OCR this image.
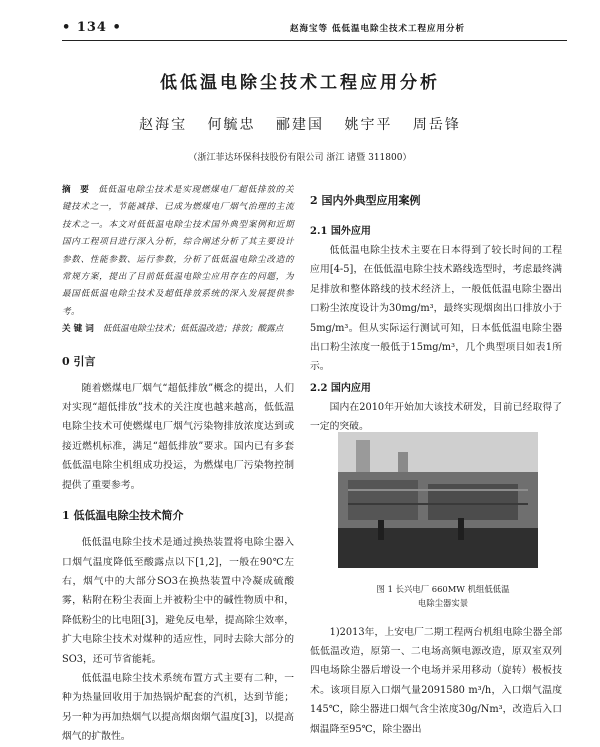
• 134 •	赵海宝等 低低温电除尘技术工程应用分析
低低温电除尘技术工程应用分析
赵海宝 何毓忠 郦建国 姚宇平 周岳锋
（浙江菲达环保科技股份有限公司 浙江 诸暨 311800）

摘 要 低低温电除尘技术是实现燃煤电厂超低排放的关键技术之一，节能减排、已成为燃煤电厂烟气治理的主流技术之一。本文对低低温电除尘技术国外典型案例和近期国内工程项目进行深入分析，综合阐述分析了其主要设计参数、性能参数、运行参数，分析了低低温电除尘改造的常规方案，提出了目前低低温电除尘应用存在的问题，为最国低低温电除尘技术及超低排放系统的深入发展提供参考。

关键词 低低温电除尘技术；低低温改造；排放；酸露点

0 引言

随着燃煤电厂烟气“超低排放”概念的提出，人们对实现“超低排放”技术的关注度也越来越高，低低温电除尘技术可使燃煤电厂烟气污染物排放浓度达到或接近燃机标准，满足“超低排放”要求。国内已有多套低低温电除尘机组成功投运，为燃煤电厂污染物控制提供了重要参考。

1 低低温电除尘技术简介

低低温电除尘技术是通过换热装置将电除尘器入口烟气温度降低至酸露点以下[1,2]，一般在90℃左右，烟气中的大部分SO3在换热装置中冷凝成硫酸雾，粘附在粉尘表面上并被粉尘中的碱性物质中和，降低粉尘的比电阻[3]，避免反电晕，提高除尘效率，扩大电除尘技术对煤种的适应性，同时去除大部分的SO3，还可节省能耗。

低低温电除尘技术系统布置方式主要有二种，一种为热量回收用于加热锅炉配套的汽机，达到节能；另一种为再加热烟气以提高烟囱烟气温度[3]，以提高烟气的扩散性。

2 国内外典型应用案例
2.1 国外应用

低低温电除尘技术主要在日本得到了较长时间的工程应用[4-5]，在低低温电除尘技术路线选型时，考虑最终满足排放和整体路线的技术经济上，一般低低温电除尘器出口粉尘浓度设计为30mg/m³，最终实现烟囱出口排放小于5mg/m³。但从实际运行测试可知，日本低低温电除尘器出口粉尘浓度一般低于15mg/m³，几个典型项目如表1所示。

2.2 国内应用

国内在2010年开始加大该技术研发，目前已经取得了一定的突破。

1)2013年，上安电厂二期工程两台机组电除尘器全部低低温改造，原第一、二电场高频电源改造，原双室双列四电场除尘器后增设一个电场并采用移动（旋转）极板技术。该项目原入口烟气量2091580 m³/h，入口烟气温度145℃，除尘器进口烟气含尘浓度30g/Nm³，改造后入口烟温降至95℃，除尘器出

图 1 长兴电厂 660MW 机组低低温
电除尘器实景
